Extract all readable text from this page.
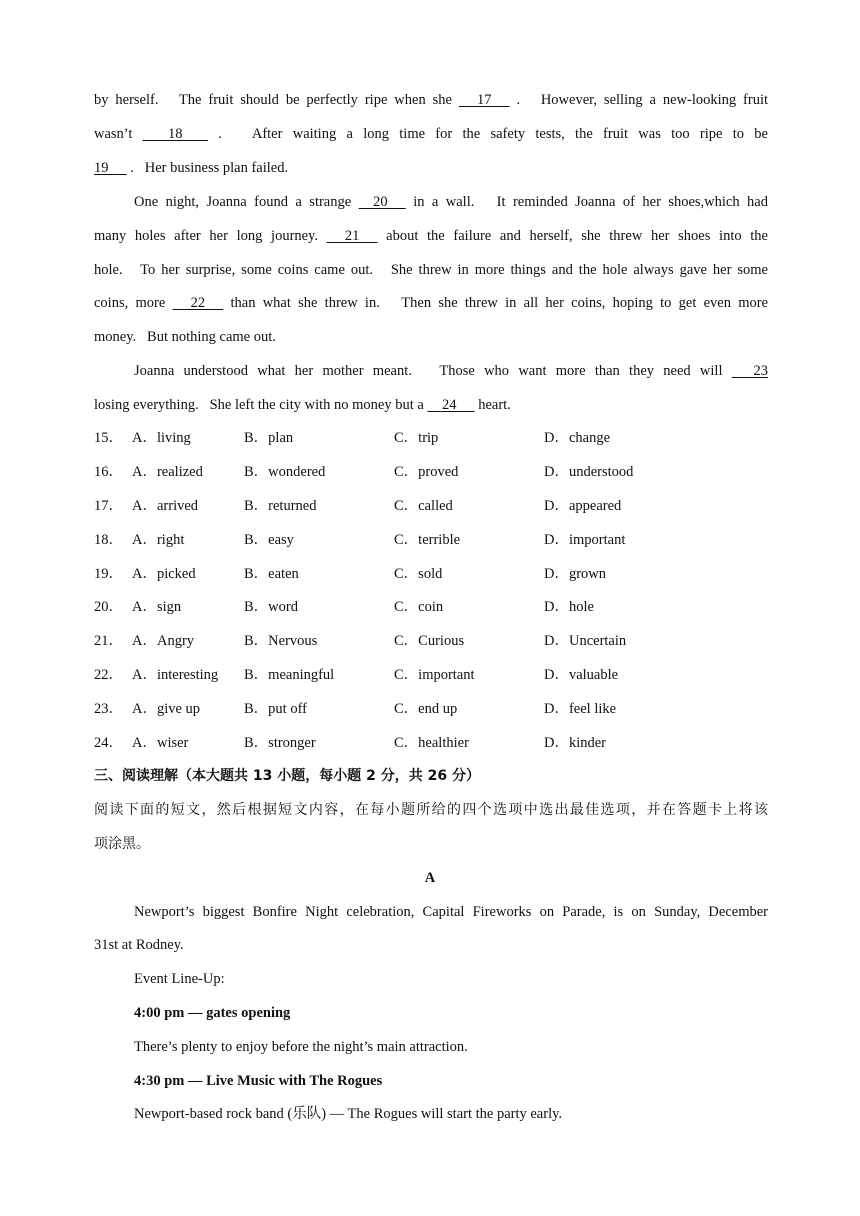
by herself.   The fruit should be perfectly ripe when she      17      .   However, selling a new-looking fruit
wasn’t        18        .   After waiting a long time for the safety tests, the fruit was too ripe to be
19      .   Her business plan failed.
One night, Joanna found a strange     20      in a wall.   It reminded Joanna of her shoes,which had
many holes after her long journey.      21      about the failure and herself, she threw her shoes into the
hole.   To her surprise, some coins came out.   She threw in more things and the hole always gave her some
coins, more      22      than what she threw in.   Then she threw in all her coins, hoping to get even more
money.   But nothing came out.
Joanna understood what her mother meant.   Those who want more than they need will       23
losing everything.   She left the city with no money but a     24      heart.
15． A．living	B．plan	C．trip	D．change
16． A．realized	B．wondered	C．proved	D．understood
17． A．arrived	B．returned	C．called	D．appeared
18． A．right	B．easy	C．terrible	D．important
19． A．picked	B．eaten	C．sold	D．grown
20． A．sign	B．word	C．coin	D．hole
21． A．Angry	B．Nervous	C．Curious	D．Uncertain
22． A．interesting B．meaningful	C．important	D．valuable
23． A．give up	B．put off	C．end up	D．feel like
24． A．wiser	B．stronger	C．healthier	D．kinder
三、阅读理解（本大题共 13 小题，每小题 2 分，共 26 分）
阅读下面的短文，然后根据短文内容，在每小题所给的四个选项中选出最佳选项，并在答题卡上将该
项涂黑。
A
Newport’s biggest Bonfire Night celebration, Capital Fireworks on Parade, is on Sunday, December
31st at Rodney.
Event Line-Up:
4:00 pm — gates opening
There’s plenty to enjoy before the night’s main attraction.
4:30 pm — Live Music with The Rogues
Newport-based rock band (乐队) — The Rogues will start the party early.
